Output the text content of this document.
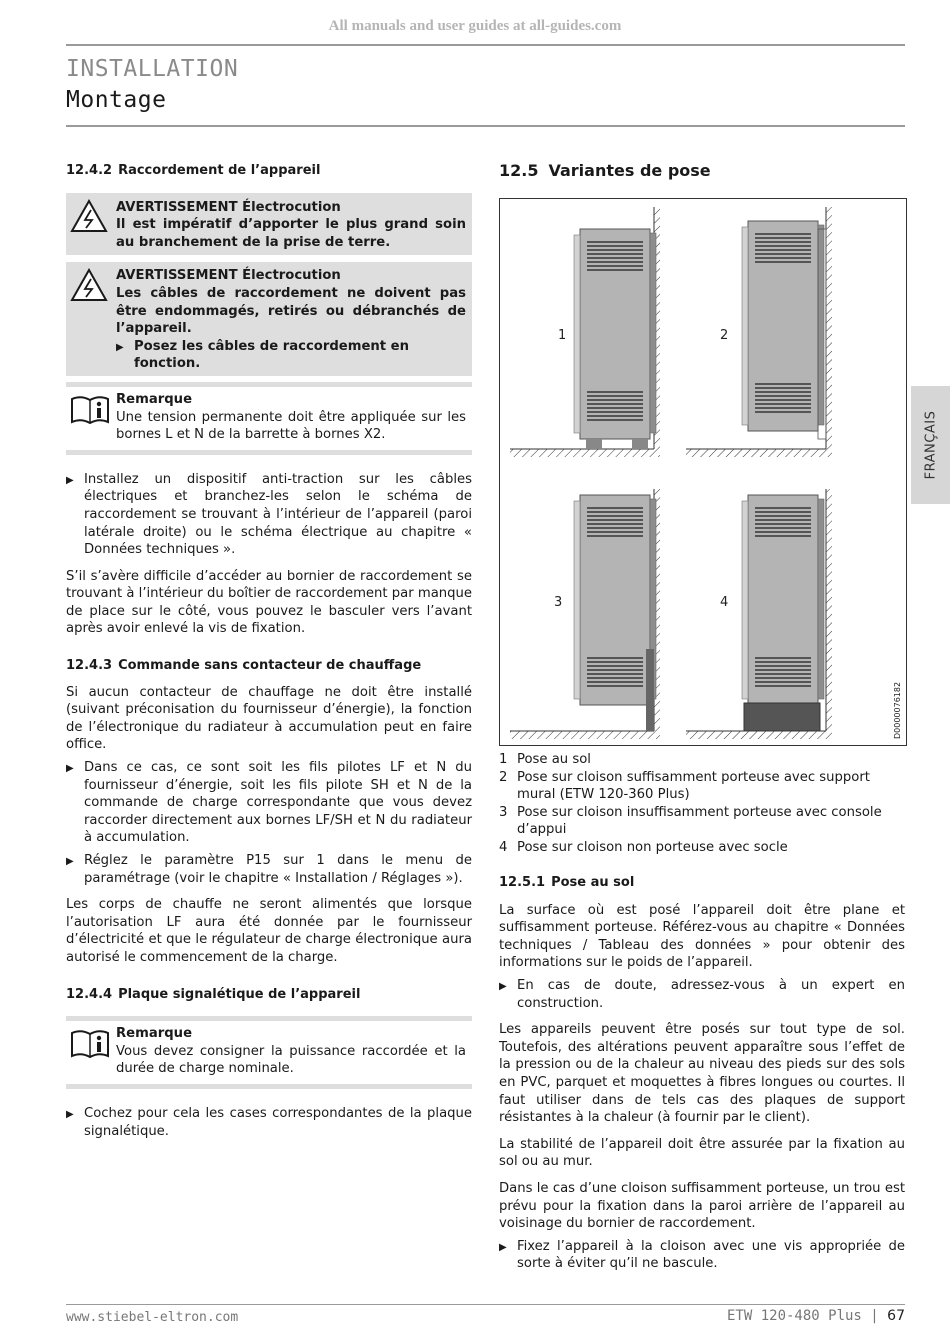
All manuals and user guides at all-guides.com
INSTALLATION
Montage
FRANÇAIS

12.4.2 Raccordement de l’appareil

AVERTISSEMENT Électrocution

Il est impératif d’apporter le plus grand soin au branchement de la prise de terre.

AVERTISSEMENT Électrocution

Les câbles de raccordement ne doivent pas être endommagés, retirés ou débranchés de l’appareil.

▶ Posez les câbles de raccordement en fonction.

Remarque

Une tension permanente doit être appliquée sur les bornes L et N de la barrette à bornes X2.

▶ Installez un dispositif anti-traction sur les câbles électriques et branchez-les selon le schéma de raccordement se trouvant à l’intérieur de l’appareil (paroi latérale droite) ou le schéma électrique au chapitre « Données techniques ».

S’il s’avère difficile d’accéder au bornier de raccordement se trouvant à l’intérieur du boîtier de raccordement par manque de place sur le côté, vous pouvez le basculer vers l’avant après avoir enlevé la vis de fixation.

12.4.3 Commande sans contacteur de chauffage

Si aucun contacteur de chauffage ne doit être installé (suivant préconisation du fournisseur d’énergie), la fonction de l’électronique du radiateur à accumulation peut en faire office.

▶ Dans ce cas, ce sont soit les fils pilotes LF et N du fournisseur d’énergie, soit les fils pilote SH et N de la commande de charge correspondante que vous devez raccorder directement aux bornes LF/SH et N du radiateur à accumulation.

▶ Réglez le paramètre P15 sur 1 dans le menu de paramétrage (voir le chapitre « Installation / Réglages »).

Les corps de chauffe ne seront alimentés que lorsque l’autorisation LF aura été donnée par le fournisseur d’électricité et que le régulateur de charge électronique aura autorisé le commencement de la charge.

12.4.4 Plaque signalétique de l’appareil

Remarque

Vous devez consigner la puissance raccordée et la durée de charge nominale.

▶ Cochez pour cela les cases correspondantes de la plaque signalétique.

12.5 Variantes de pose

1	2
3	4
D0000076182
1 Pose au sol
2 Pose sur cloison suffisamment porteuse avec support mural (ETW 120-360 Plus)
3 Pose sur cloison insuffisamment porteuse avec console d’appui
4 Pose sur cloison non porteuse avec socle

12.5.1 Pose au sol

La surface où est posé l’appareil doit être plane et suffisamment porteuse. Référez-vous au chapitre « Données techniques / Tableau des données » pour obtenir des informations sur le poids de l’appareil.

▶ En cas de doute, adressez-vous à un expert en construction.

Les appareils peuvent être posés sur tout type de sol. Toutefois, des altérations peuvent apparaître sous l’effet de la pression ou de la chaleur au niveau des pieds sur des sols en PVC, parquet et moquettes à fibres longues ou courtes. Il faut utiliser dans de tels cas des plaques de support résistantes à la chaleur (à fournir par le client).

La stabilité de l’appareil doit être assurée par la fixation au sol ou au mur.

Dans le cas d’une cloison suffisamment porteuse, un trou est prévu pour la fixation dans la paroi arrière de l’appareil au voisinage du bornier de raccordement.

▶ Fixez l’appareil à la cloison avec une vis appropriée de sorte à éviter qu’il ne bascule.

www.stiebel-eltron.com	ETW 120-480 Plus | 67
